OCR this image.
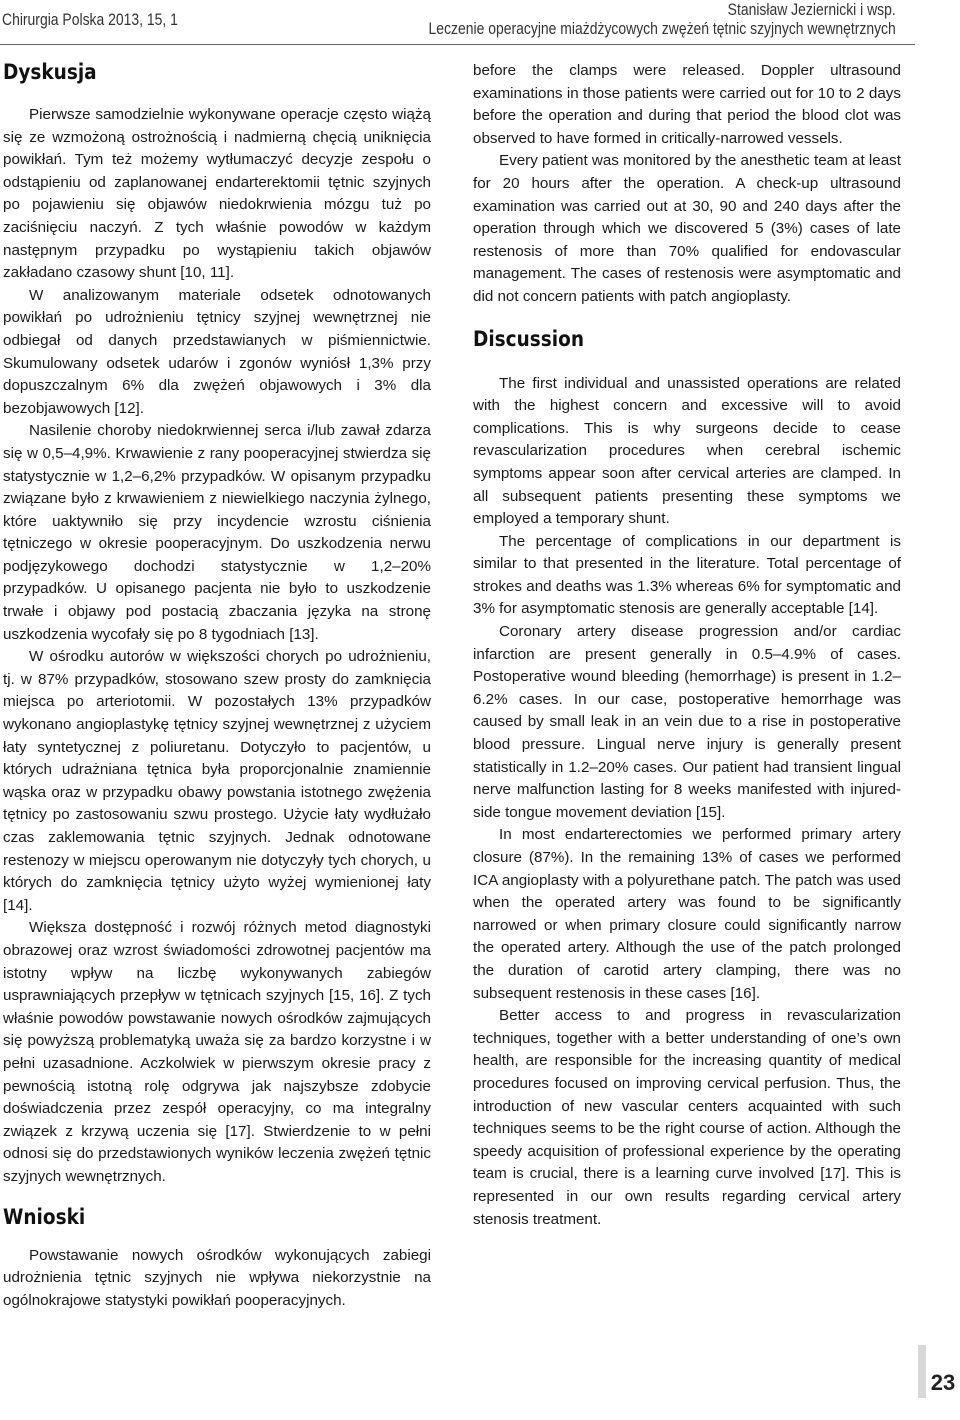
Chirurgia Polska 2013, 15, 1
Stanisław Jeziernicki i wsp.
Leczenie operacyjne miażdżycowych zwężeń tętnic szyjnych wewnętrznych
Dyskusja

Pierwsze samodzielnie wykonywane operacje często wiążą się ze wzmożoną ostrożnością i nadmierną chęcią uniknięcia powikłań. Tym też możemy wytłumaczyć decyzje zespołu o odstąpieniu od zaplanowanej endarterektomii tętnic szyjnych po pojawieniu się objawów niedokrwienia mózgu tuż po zaciśnięciu naczyń. Z tych właśnie powodów w każdym następnym przypadku po wystąpieniu takich objawów zakładano czasowy shunt [10, 11].

W analizowanym materiale odsetek odnotowanych powikłań po udrożnieniu tętnicy szyjnej wewnętrznej nie odbiegał od danych przedstawianych w piśmiennictwie. Skumulowany odsetek udarów i zgonów wyniósł 1,3% przy dopuszczalnym 6% dla zwężeń objawowych i 3% dla bezobjawowych [12].

Nasilenie choroby niedokrwiennej serca i/lub zawał zdarza się w 0,5–4,9%. Krwawienie z rany pooperacyjnej stwierdza się statystycznie w 1,2–6,2% przypadków. W opisanym przypadku związane było z krwawieniem z niewielkiego naczynia żylnego, które uaktywniło się przy incydencie wzrostu ciśnienia tętniczego w okresie pooperacyjnym. Do uszkodzenia nerwu podjęzykowego dochodzi statystycznie w 1,2–20% przypadków. U opisanego pacjenta nie było to uszkodzenie trwałe i objawy pod postacią zbaczania języka na stronę uszkodzenia wycofały się po 8 tygodniach [13].

W ośrodku autorów w większości chorych po udrożnieniu, tj. w 87% przypadków, stosowano szew prosty do zamknięcia miejsca po arteriotomii. W pozostałych 13% przypadków wykonano angioplastykę tętnicy szyjnej wewnętrznej z użyciem łaty syntetycznej z poliuretanu. Dotyczyło to pacjentów, u których udrażniana tętnica była proporcjonalnie znamiennie wąska oraz w przypadku obawy powstania istotnego zwężenia tętnicy po zastosowaniu szwu prostego. Użycie łaty wydłużało czas zaklemowania tętnic szyjnych. Jednak odnotowane restenozy w miejscu operowanym nie dotyczyły tych chorych, u których do zamknięcia tętnicy użyto wyżej wymienionej łaty [14].

Większa dostępność i rozwój różnych metod diagnostyki obrazowej oraz wzrost świadomości zdrowotnej pacjentów ma istotny wpływ na liczbę wykonywanych zabiegów usprawniających przepływ w tętnicach szyjnych [15, 16]. Z tych właśnie powodów powstawanie nowych ośrodków zajmujących się powyższą problematyką uważa się za bardzo korzystne i w pełni uzasadnione. Aczkolwiek w pierwszym okresie pracy z pewnością istotną rolę odgrywa jak najszybsze zdobycie doświadczenia przez zespół operacyjny, co ma integralny związek z krzywą uczenia się [17]. Stwierdzenie to w pełni odnosi się do przedstawionych wyników leczenia zwężeń tętnic szyjnych wewnętrznych.

Wnioski

Powstawanie nowych ośrodków wykonujących zabiegi udrożnienia tętnic szyjnych nie wpływa niekorzystnie na ogólnokrajowe statystyki powikłań pooperacyjnych.

before the clamps were released. Doppler ultrasound examinations in those patients were carried out for 10 to 2 days before the operation and during that period the blood clot was observed to have formed in critically-narrowed vessels.

Every patient was monitored by the anesthetic team at least for 20 hours after the operation. A check-up ultrasound examination was carried out at 30, 90 and 240 days after the operation through which we discovered 5 (3%) cases of late restenosis of more than 70% qualified for endovascular management. The cases of restenosis were asymptomatic and did not concern patients with patch angioplasty.

Discussion

The first individual and unassisted operations are related with the highest concern and excessive will to avoid complications. This is why surgeons decide to cease revascularization procedures when cerebral ischemic symptoms appear soon after cervical arteries are clamped. In all subsequent patients presenting these symptoms we employed a temporary shunt.

The percentage of complications in our department is similar to that presented in the literature. Total percentage of strokes and deaths was 1.3% whereas 6% for symptomatic and 3% for asymptomatic stenosis are generally acceptable [14].

Coronary artery disease progression and/or cardiac infarction are present generally in 0.5–4.9% of cases. Postoperative wound bleeding (hemorrhage) is present in 1.2–6.2% cases. In our case, postoperative hemorrhage was caused by small leak in an vein due to a rise in postoperative blood pressure. Lingual nerve injury is generally present statistically in 1.2–20% cases. Our patient had transient lingual nerve malfunction lasting for 8 weeks manifested with injured-side tongue movement deviation [15].

In most endarterectomies we performed primary artery closure (87%). In the remaining 13% of cases we performed ICA angioplasty with a polyurethane patch. The patch was used when the operated artery was found to be significantly narrowed or when primary closure could significantly narrow the operated artery. Although the use of the patch prolonged the duration of carotid artery clamping, there was no subsequent restenosis in these cases [16].

Better access to and progress in revascularization techniques, together with a better understanding of one’s own health, are responsible for the increasing quantity of medical procedures focused on improving cervical perfusion. Thus, the introduction of new vascular centers acquainted with such techniques seems to be the right course of action. Although the speedy acquisition of professional experience by the operating team is crucial, there is a learning curve involved [17]. This is represented in our own results regarding cervical artery stenosis treatment.

23
